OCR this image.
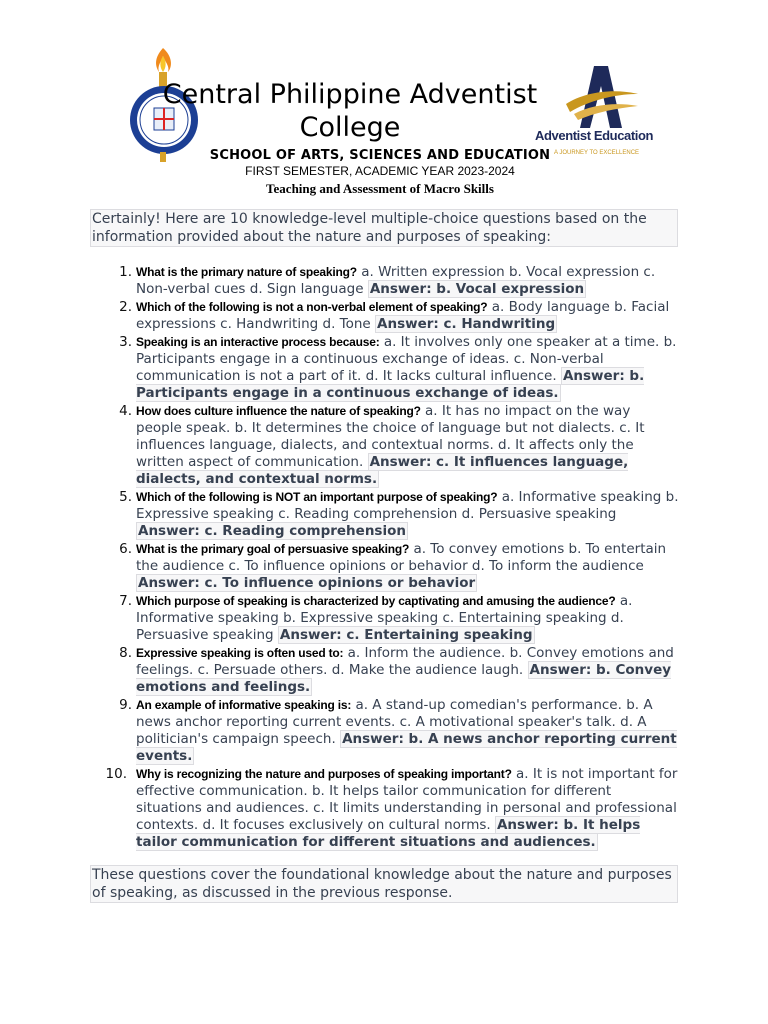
Central Philippine Adventist College	Adventist Education
A JOURNEY TO EXCELLENCE
SCHOOL OF ARTS, SCIENCES AND EDUCATION
FIRST SEMESTER, ACADEMIC YEAR 2023-2024
Teaching and Assessment of Macro Skills
Certainly! Here are 10 knowledge-level multiple-choice questions based on the information provided about the nature and purposes of speaking:
What is the primary nature of speaking? a. Written expression b. Vocal expression c. Non-verbal cues d. Sign language Answer: b. Vocal expression
Which of the following is not a non-verbal element of speaking? a. Body language b. Facial expressions c. Handwriting d. Tone Answer: c. Handwriting
Speaking is an interactive process because: a. It involves only one speaker at a time. b. Participants engage in a continuous exchange of ideas. c. Non-verbal communication is not a part of it. d. It lacks cultural influence. Answer: b. Participants engage in a continuous exchange of ideas.
How does culture influence the nature of speaking? a. It has no impact on the way people speak. b. It determines the choice of language but not dialects. c. It influences language, dialects, and contextual norms. d. It affects only the written aspect of communication. Answer: c. It influences language, dialects, and contextual norms.
Which of the following is NOT an important purpose of speaking? a. Informative speaking b. Expressive speaking c. Reading comprehension d. Persuasive speaking Answer: c. Reading comprehension
What is the primary goal of persuasive speaking? a. To convey emotions b. To entertain the audience c. To influence opinions or behavior d. To inform the audience Answer: c. To influence opinions or behavior
Which purpose of speaking is characterized by captivating and amusing the audience? a. Informative speaking b. Expressive speaking c. Entertaining speaking d. Persuasive speaking Answer: c. Entertaining speaking
Expressive speaking is often used to: a. Inform the audience. b. Convey emotions and feelings. c. Persuade others. d. Make the audience laugh. Answer: b. Convey emotions and feelings.
An example of informative speaking is: a. A stand-up comedian's performance. b. A news anchor reporting current events. c. A motivational speaker's talk. d. A politician's campaign speech. Answer: b. A news anchor reporting current events.
Why is recognizing the nature and purposes of speaking important? a. It is not important for effective communication. b. It helps tailor communication for different situations and audiences. c. It limits understanding in personal and professional contexts. d. It focuses exclusively on cultural norms. Answer: b. It helps tailor communication for different situations and audiences.
These questions cover the foundational knowledge about the nature and purposes of speaking, as discussed in the previous response.
